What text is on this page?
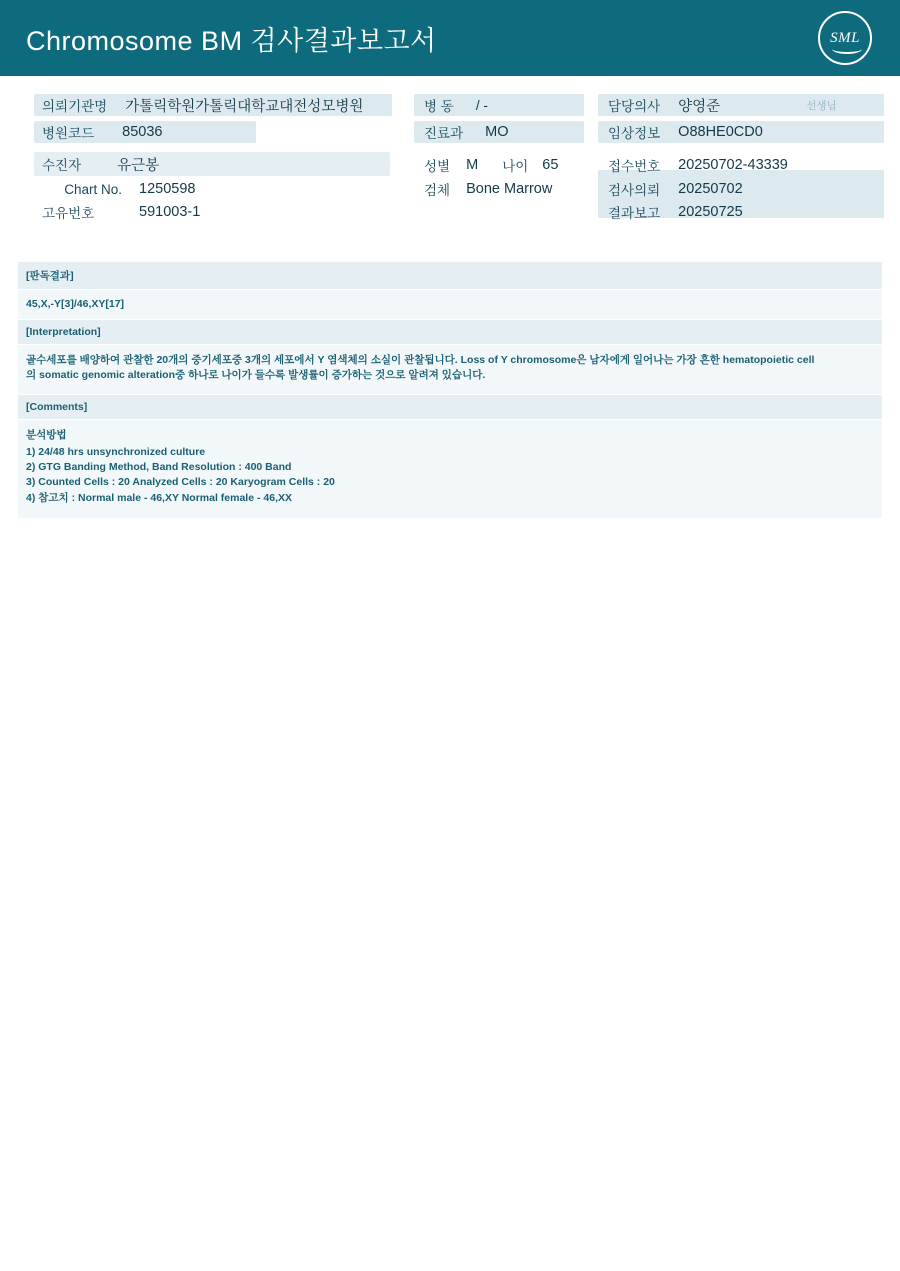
Chromosome BM 검사결과보고서	SML
의뢰기관명 가톨릭학원가톨릭대학교대전성모병원
병원코드 85036
수진자 유근봉
Chart No. 1250598
고유번호	591003-1
병 동 / -
진료과 MO
성별 M 나이 65
검체 Bone Marrow
담당의사 양영준	선생님
임상정보 O88HE0CD0
접수번호 20250702-43339
검사의뢰 20250702
결과보고 20250725
[판독결과]
45,X,-Y[3]/46,XY[17]
[Interpretation]
골수세포를 배양하여 관찰한 20개의 중기세포중 3개의 세포에서 Y 염색체의 소실이 관찰됩니다. Loss of Y chromosome은 남자에게 일어나는 가장 흔한 hematopoietic cell
의 somatic genomic alteration중 하나로 나이가 들수록 발생률이 증가하는 것으로 알려져 있습니다.
[Comments]
분석방법
1) 24/48 hrs unsynchronized culture
2) GTG Banding Method, Band Resolution : 400 Band
3) Counted Cells : 20 Analyzed Cells : 20 Karyogram Cells : 20
4) 참고치 : Normal male - 46,XY Normal female - 46,XX
